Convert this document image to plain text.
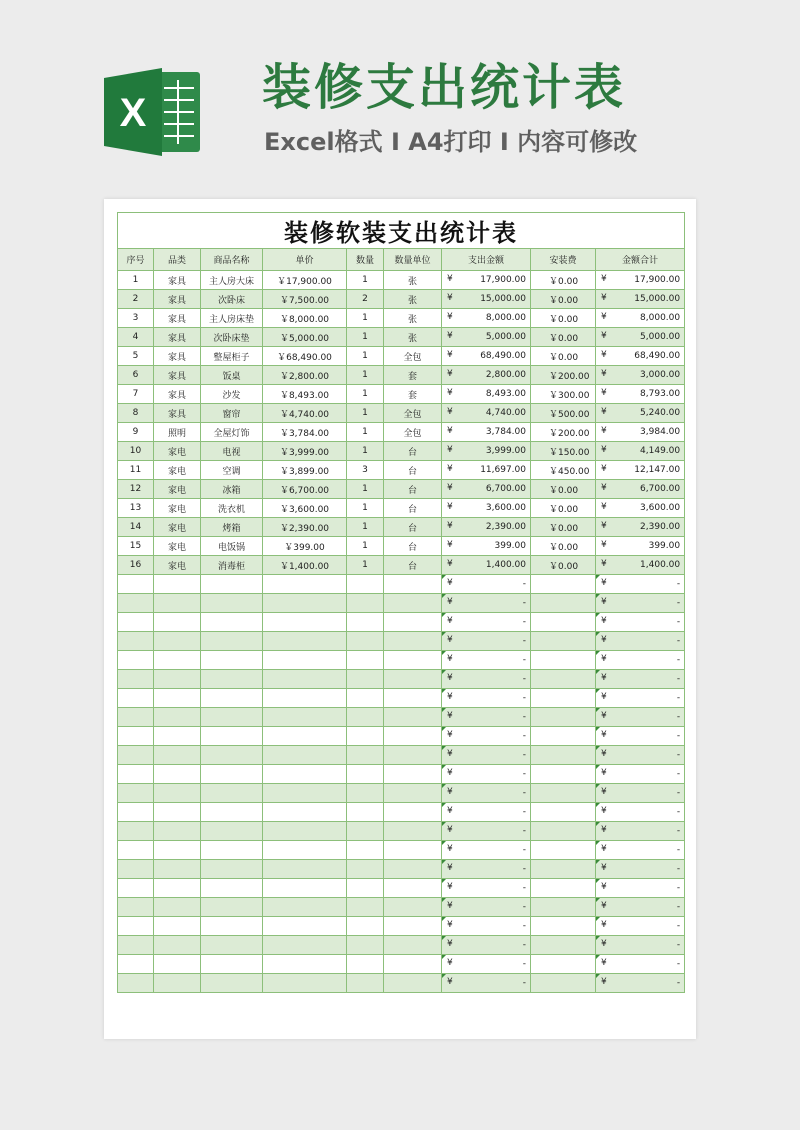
X 装修支出统计表
Excel格式 I A4打印 I 内容可修改
装修软装支出统计表								
序号	品类	商品名称	单价	数量	数量单位	支出金额	安装费	金额合计
1	家具	主人房大床	￥17,900.00	1	张	¥ 17,900.00	￥0.00	¥ 17,900.00
2	家具	次卧床	￥7,500.00	2	张	¥ 15,000.00	￥0.00	¥ 15,000.00
3	家具	主人房床垫	￥8,000.00	1	张	¥ 8,000.00	￥0.00	¥ 8,000.00
4	家具	次卧床垫	￥5,000.00	1	张	¥ 5,000.00	￥0.00	¥ 5,000.00
5	家具	整屋柜子	￥68,490.00	1	全包	¥ 68,490.00	￥0.00	¥ 68,490.00
6	家具	饭桌	￥2,800.00	1	套	¥ 2,800.00	￥200.00	¥ 3,000.00
7	家具	沙发	￥8,493.00	1	套	¥ 8,493.00	￥300.00	¥ 8,793.00
8	家具	窗帘	￥4,740.00	1	全包	¥ 4,740.00	￥500.00	¥ 5,240.00
9	照明	全屋灯饰	￥3,784.00	1	全包	¥ 3,784.00	￥200.00	¥ 3,984.00
10	家电	电视	￥3,999.00	1	台	¥ 3,999.00	￥150.00	¥ 4,149.00
11	家电	空调	￥3,899.00	3	台	¥ 11,697.00	￥450.00	¥ 12,147.00
12	家电	冰箱	￥6,700.00	1	台	¥ 6,700.00	￥0.00	¥ 6,700.00
13	家电	洗衣机	￥3,600.00	1	台	¥ 3,600.00	￥0.00	¥ 3,600.00
14	家电	烤箱	￥2,390.00	1	台	¥ 2,390.00	￥0.00	¥ 2,390.00
15	家电	电饭锅	￥399.00	1	台	¥ 399.00	￥0.00	¥ 399.00
16	家电	消毒柜	￥1,400.00	1	台	¥ 1,400.00	￥0.00	¥ 1,400.00

						¥ -		¥ -

						¥ -		¥ -

						¥ -		¥ -

						¥ -		¥ -

						¥ -		¥ -

						¥ -		¥ -

						¥ -		¥ -

						¥ -		¥ -

						¥ -		¥ -

						¥ -		¥ -

						¥ -		¥ -

						¥ -		¥ -

						¥ -		¥ -

						¥ -		¥ -

						¥ -		¥ -

						¥ -		¥ -

						¥ -		¥ -

						¥ -		¥ -

						¥ -		¥ -

						¥ -		¥ -

						¥ -		¥ -

						¥ -		¥ -
